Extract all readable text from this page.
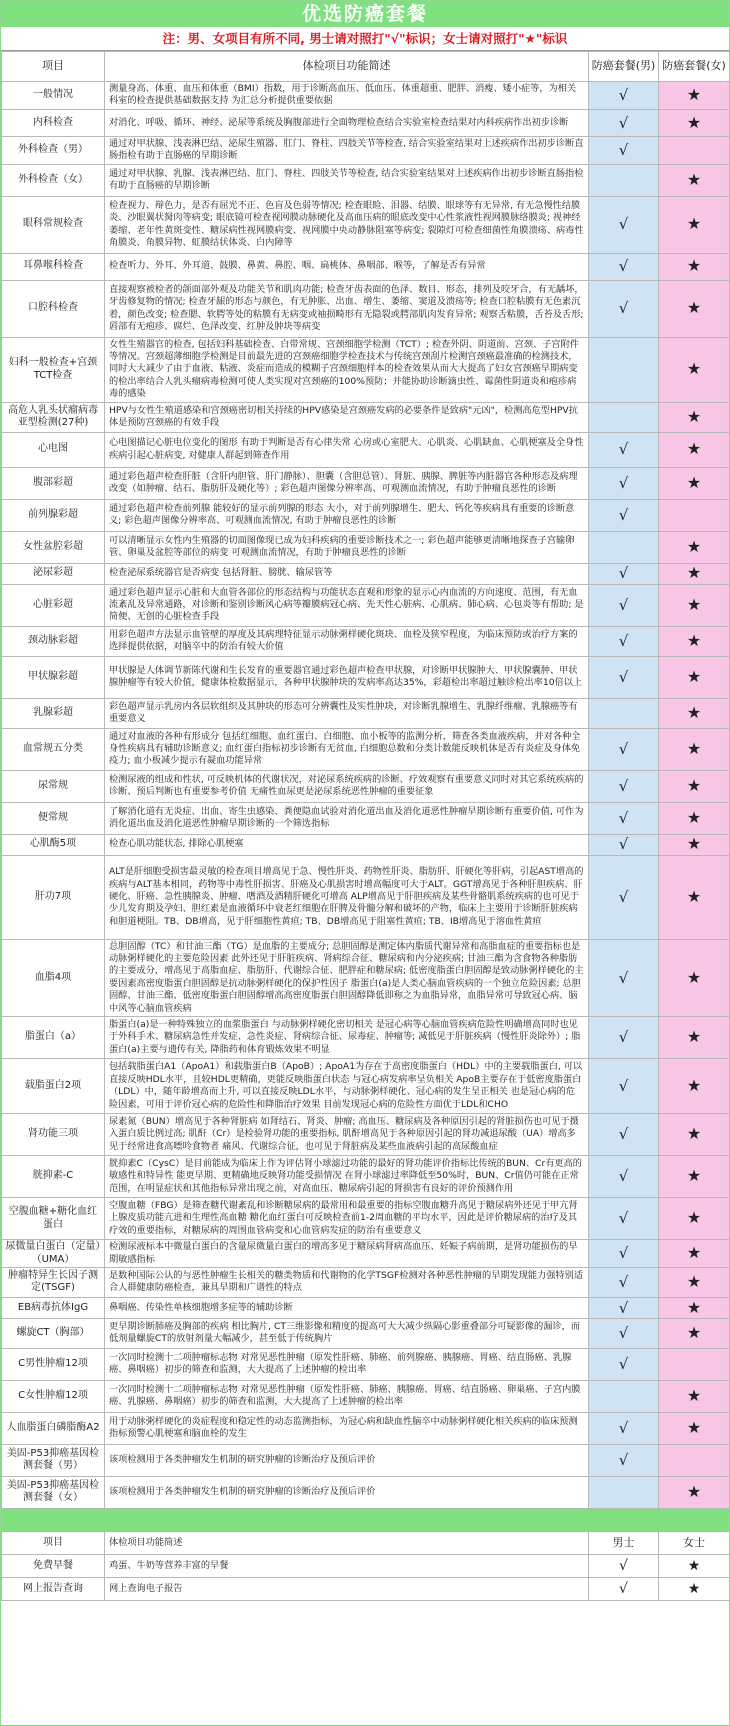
优选防癌套餐
注：男、女项目有所不同, 男士请对照打"√"标识；女士请对照打"★"标识
项目	体检项目功能简述	防癌套餐(男)	防癌套餐(女)
一般情况	测量身高、体重、血压和体重（BMI）指数，用于诊断高血压、低血压、体重超重、肥胖、消瘦、矮小症等，为相关科室的检查提供基础数据支持 为汇总分析提供重要依据	√	★
内科检查	对消化、呼吸、循环、神经、泌尿等系统及胸腹部进行全面物理检查结合实验室检查结果对内科疾病作出初步诊断	√	★
外科检查（男）	通过对甲状腺、浅表淋巴结、泌尿生殖器、肛门、脊柱、四肢关节等检查, 结合实验室结果对上述疾病作出初步诊断直肠指检有助于直肠癌的早期诊断	√	
外科检查（女）	通过对甲状腺、乳腺、浅表淋巴结、肛门、脊柱、四肢关节等检查, 结合实验室结果对上述疾病作出初步诊断直肠指检有助于直肠癌的早期诊断		★
眼科常规检查	检查视力、辩色力，是否有屈光不正、色盲及色弱等情况; 检查眼睑、泪器、结膜、眼球等有无异常, 有无急慢性结膜炎、沙眼翼状胬肉等病变; 眼底镜可检查视网膜动脉硬化及高血压病的眼底改变中心性浆液性视网膜脉络膜炎; 视神经萎缩、老年性黄斑变性、糖尿病性视网膜病变、视网膜中央动静脉阻塞等病变; 裂隙灯可检查细菌性角膜溃疡、病毒性角膜炎、角膜异物、虹膜结状体炎、白内障等	√	★
耳鼻喉科检查	检查听力、外耳、外耳道、鼓膜、鼻黄、鼻腔、咽、扁桃体、鼻咽部、喉等，了解是否有异常	√	★
口腔科检查	直接观察被检者的颌面部外观及功能关节和肌肉功能; 检查牙齿表面的色泽、数目、形态，排列及咬牙合，有无龋坏，牙齿修复物的情况; 检查牙龈的形态与颜色，有无肿胀、出血、增生、萎缩、窦道及溃疡等; 检查口腔粘膜有无色素沉着，颜色改变; 检查腮、软腭等处的粘膜有无病变或袖损畸形有无隐裂或腭部肌肉发育异常; 观察舌粘膜，舌苔及舌形; 唇部有无疱疹、腐烂、色泽改变、红肿及肿块等病变	√	★
妇科一般检查+宫颈TCT检查	女性生殖器官的检查, 包括妇科基础检查、白带常规、宫颈细胞学检测（TCT）; 检查外阴、阴道前、宫颈、子宫附件等情况。宫颈超薄细胞学检测是目前最先进的宫颈癌细胞学检查技术与传统宫颈刮片检测宫颈癌最准确的检测技术，同时大大减少了由于血液、粘液、炎症而造成的模糊子宫颈细胞样本的检查效果从而大大提高了妇女宫颈癌早期病变的检出率结合人乳头瘤病毒检测可使人类实现对宫颈癌的100%预防；并能协助诊断滴虫性、霉菌性阴道炎和疱疹病毒的感染		★
高危人乳头状瘤病毒亚型检测(27种)	HPV与女性生殖道感染和宫颈癌密切相关持续的HPV感染是宫颈癌发病的必要条件是致病"元凶"，检测高危型HPV抗体是预防宫颈癌的有效手段		★
心电图	心电图描记心脏电位变化的图形 有助于判断是否有心律失常 心房或心室肥大、心肌炎、心肌缺血、心肌梗塞及全身性疾病引起心脏病变, 对健康人群起到筛查作用	√	★
腹部彩超	通过彩色超声检查肝脏（含肝内胆管、肝门静脉）、胆囊（含胆总管）、肾脏、胰腺、脾脏等内脏器官各种形态及病理改变（如肿瘤、结石、脂肪肝及硬化等）; 彩色超声图像分辨率高、可观测血流情况，有助于肿瘤良恶性的诊断	√	★
前列腺彩超	通过彩色超声检查前列腺 能较好的显示前列腺的形态 大小，对于前列腺增生、肥大、钙化等疾病具有重要的诊断意义; 彩色超声图像分辨率高、可观测血流情况, 有助于肿瘤良恶性的诊断	√	
女性盆腔彩超	可以清晰显示女性内生殖器的切面图像现已成为妇科疾病的重要诊断技术之一; 彩色超声能够更清晰地探查子宫输卵管、卵巢及盆腔等部位的病变 可观测血流情况，有助于肿瘤良恶性的诊断		★
泌尿彩超	检查泌尿系统器官是否病变 包括肾脏、膀胱、输尿管等	√	★
心脏彩超	通过彩色超声显示心脏和大血管各部位的形态结构与功能状态直观和形象的显示心内血流的方向速度、范围，有无血流紊乱及异常通路，对诊断和鉴别诊断风心病等瓣膜病冠心病、先天性心脏病、心肌病、肺心病、心包炎等有帮助; 是简便、无创的心脏检查手段	√	★
颈动脉彩超	用彩色超声方法显示血管壁的厚度及其病理特征显示动脉粥样硬化斑块、血栓及狭窄程度，为临床预防或治疗方案的选择提供依据，对脑卒中的防治有较大价值	√	★
甲状腺彩超	甲状腺是人体调节新陈代谢和生长发育的重要器官通过彩色超声检查甲状腺，对诊断甲状腺肿大、甲状腺囊肿、甲状腺肿瘤等有较大价值，健康体检数据显示，各种甲状腺肿块的发病率高达35%，彩超检出率超过触诊检出率10倍以上	√	★
乳腺彩超	彩色超声显示乳房内各层软组织及其肿块的形态可分辨囊性及实性肿块，对诊断乳腺增生、乳腺纤维瘤、乳腺癌等有重要意义		★
血常规五分类	通过对血液的各种有形成分 包括红细胞、血红蛋白、白细胞、血小板等的监测分析，筛查各类血液疾病，并对各种全身性疾病具有辅助诊断意义; 血红蛋白指标初步诊断有无贫血, 白细胞总数和分类计数能反映机体是否有炎症及身体免疫力; 血小板减少提示有凝血功能异常	√	★
尿常规	检测尿液的组成和性状, 可反映机体的代谢状况，对泌尿系统疾病的诊断、疗效观察有重要意义同时对其它系统疾病的诊断、预后判断也有重要参考价值 无痛性血尿更是泌尿系统恶性肿瘤的重要征象	√	★
便常规	了解消化道有无炎症、出血、寄生虫感染、粪便隐血试验对消化道出血及消化道恶性肿瘤早期诊断有重要价值, 可作为消化道出血及消化道恶性肿瘤早期诊断的一个筛选指标	√	★
心肌酶5项	检查心肌功能状态, 排除心肌梗塞	√	★
肝功7项	ALT是肝细胞受损害最灵敏的检查项目增高见于急、慢性肝炎、药物性肝炎、脂肪肝、肝硬化等肝病，引起AST增高的疾病与ALT基本相同，药物等中毒性肝损害、肝癌及心肌损害时增高幅度可大于ALT。GGT增高见于各种肝胆疾病、肝硬化、肝癌、急性胰腺炎、肿瘤、嗜酒及酒精肝硬化可增高 ALP增高见于肝胆疾病及某些骨骼肌系统疾病的也可见于少儿发育期及孕妇、胆红素是血液循环中衰老红细胞在肝脾及骨髓分解和破坏的产物，临床上主要用于诊断肝脏疾病和胆道梗阻。TB、DB增高，见于肝细胞性黄疸; TB、DB增高见于阻塞性黄疸; TB、IB增高见于溶血性黄疸	√	★
血脂4项	总胆固醇（TC）和甘油三酯（TG）是血脂的主要成分; 总胆固醇是测定体内脂质代谢异常和高脂血症的重要指标也是动脉粥样硬化的主要危险因素 此外还见于肝脏疾病、肾病综合征、糖尿病和内分泌疾病; 甘油三酯为含食物各种脂肪的主要成分，增高见于高脂血症、脂肪肝、代谢综合征、肥胖症和糖尿病; 低密度脂蛋白胆固醇是致动脉粥样硬化的主要因素高密度脂蛋白胆固醇是抗动脉粥样硬化的保护性因子 脂蛋白(a)是人类心脑血管疾病的一个独立危险因素; 总胆固醇、甘油三酯、低密度脂蛋白胆固醇增高高密度脂蛋白胆固醇降低即称之为血脂异常，血脂异常可导致冠心病、脑中风等心脑血管疾病	√	★
脂蛋白（a）	脂蛋白(a)是一种特殊独立的血浆脂蛋白 与动脉粥样硬化密切相关 是冠心病等心脑血管疾病危险性明确增高同时也见于外科手术、糖尿病急性并发症、急性炎症、肾病综合征、尿毒症、肿瘤等; 减低见于肝脏疾病（慢性肝炎除外）; 脂蛋白(a)主要与遗传有关, 降脂药和体育锻炼效果不明显	√	★
载脂蛋白2项	包括载脂蛋白A1（ApoA1）和载脂蛋白B（ApoB）; ApoA1为存在于高密度脂蛋白（HDL）中的主要载脂蛋白, 可以直接反映HDL水平，且较HDL更精确，更能反映脂蛋白状态 与冠心病发病率呈负相关 ApoB主要存在于低密度脂蛋白（LDL）中，随年龄增高而上升, 可以直接反映LDL水平，与动脉粥样硬化、冠心病的发生呈正相关 也是冠心病的危险因素，可用于评价冠心病的危险性和降脂治疗效果 目前发现冠心病的危险性方面优于LDL和CHO	√	★
肾功能三项	尿素氮（BUN）增高见于各种肾脏病 如肾结石、肾炎、肿瘤; 高血压、糖尿病及各种原因引起的肾脏损伤也可见于摄入蛋白质比例过高; 肌酐（Cr）是检验肾功能的重要指标, 肌酐增高见于各种原因引起的肾功减退尿酸（UA）增高多见于经常进食高嘌呤食物者 痛风、代谢综合征，也可见于肾脏病及某些血液病引起的高尿酸血症	√	★
胱抑素-C	胱抑素C（CysC）是目前能成为临床上作为评估肾小球滤过功能的最好的肾功能评价指标比传统的BUN、Cr有更高的敏感性和特异性 能更早期、更精确地反映肾功能受损情况 在肾小球滤过率降低至50%时，BUN、Cr值仍可能在正常范围，在明显症状和其他指标异常出现之前，对高血压、糖尿病引起的肾损害有良好的评价预测作用	√	★
空腹血糖+糖化血红蛋白	空腹血糖（FBG）是筛查糖代谢紊乱和诊断糖尿病的最常用和最重要的指标空腹血糖升高见于糖尿病外还见于甲亢肾上腺皮质功能亢进和生理性高血糖 糖化血红蛋白可反映检查前1-2周血糖的平均水平，因此是评价糖尿病的治疗及其疗效的重要指标，对糖尿病的周围血管病变和心血管病发症的防治有重要意义	√	★
尿微量白蛋白（定量）（UMA）	检测尿液标本中微量白蛋白的含量尿微量白蛋白的增高多见于糖尿病肾病高血压、妊娠子病前期，是肾功能损伤的早期敏感指标	√	★
肿瘤特异生长因子测定(TSGF)	是数种国际公认的与恶性肿瘤生长相关的糖类物质和代谢物的化学TSGF检测对各种恶性肿瘤的早期发现能力强特别适合人群健康防癌检查，兼具早期和广谱性的特点	√	★
EB病毒抗体IgG	鼻咽癌、传染性单核细胞增多症等的辅助诊断	√	★
螺旋CT（胸部）	更早期诊断肺癌及胸部的疾病 相比胸片, CT三维影像和精度的提高可大大减少纵隔心影重叠部分可疑影像的漏诊，而低剂量螺旋CT的放射剂量大幅减少，甚至低于传统胸片	√	★
C男性肿瘤12项	一次同时检测十二项肿瘤标志物 对常见恶性肿瘤（原发性肝癌、肺癌、前列腺癌、胰腺癌、胃癌、结直肠癌、乳腺癌、鼻咽癌）初步的筛查和监测，大大提高了上述肿瘤的检出率	√	
C女性肿瘤12项	一次同时检测十二项肿瘤标志物 对常见恶性肿瘤（原发性肝癌、肺癌、胰腺癌、胃癌、结直肠癌、卵巢癌、子宫内膜癌、乳腺癌、鼻咽癌）初步的筛查和监测，大大提高了上述肿瘤的检出率		★
人血脂蛋白磷脂酶A2	用于动脉粥样硬化的炎症程度和稳定性的动态监测指标，为冠心病和缺血性脑卒中动脉粥样硬化相关疾病的临床预测指标预警心肌梗塞和脑血栓的发生	√	★
美固-P53抑癌基因检测套餐（男）	该项检测用于各类肿瘤发生机制的研究肿瘤的诊断治疗及预后评价	√	
美固-P53抑癌基因检测套餐（女）	该项检测用于各类肿瘤发生机制的研究肿瘤的诊断治疗及预后评价		★
项目	体检项目功能简述	男士	女士
免费早餐	鸡蛋、牛奶等营养丰富的早餐	√	★
网上报告查询	网上查询电子报告	√	★
